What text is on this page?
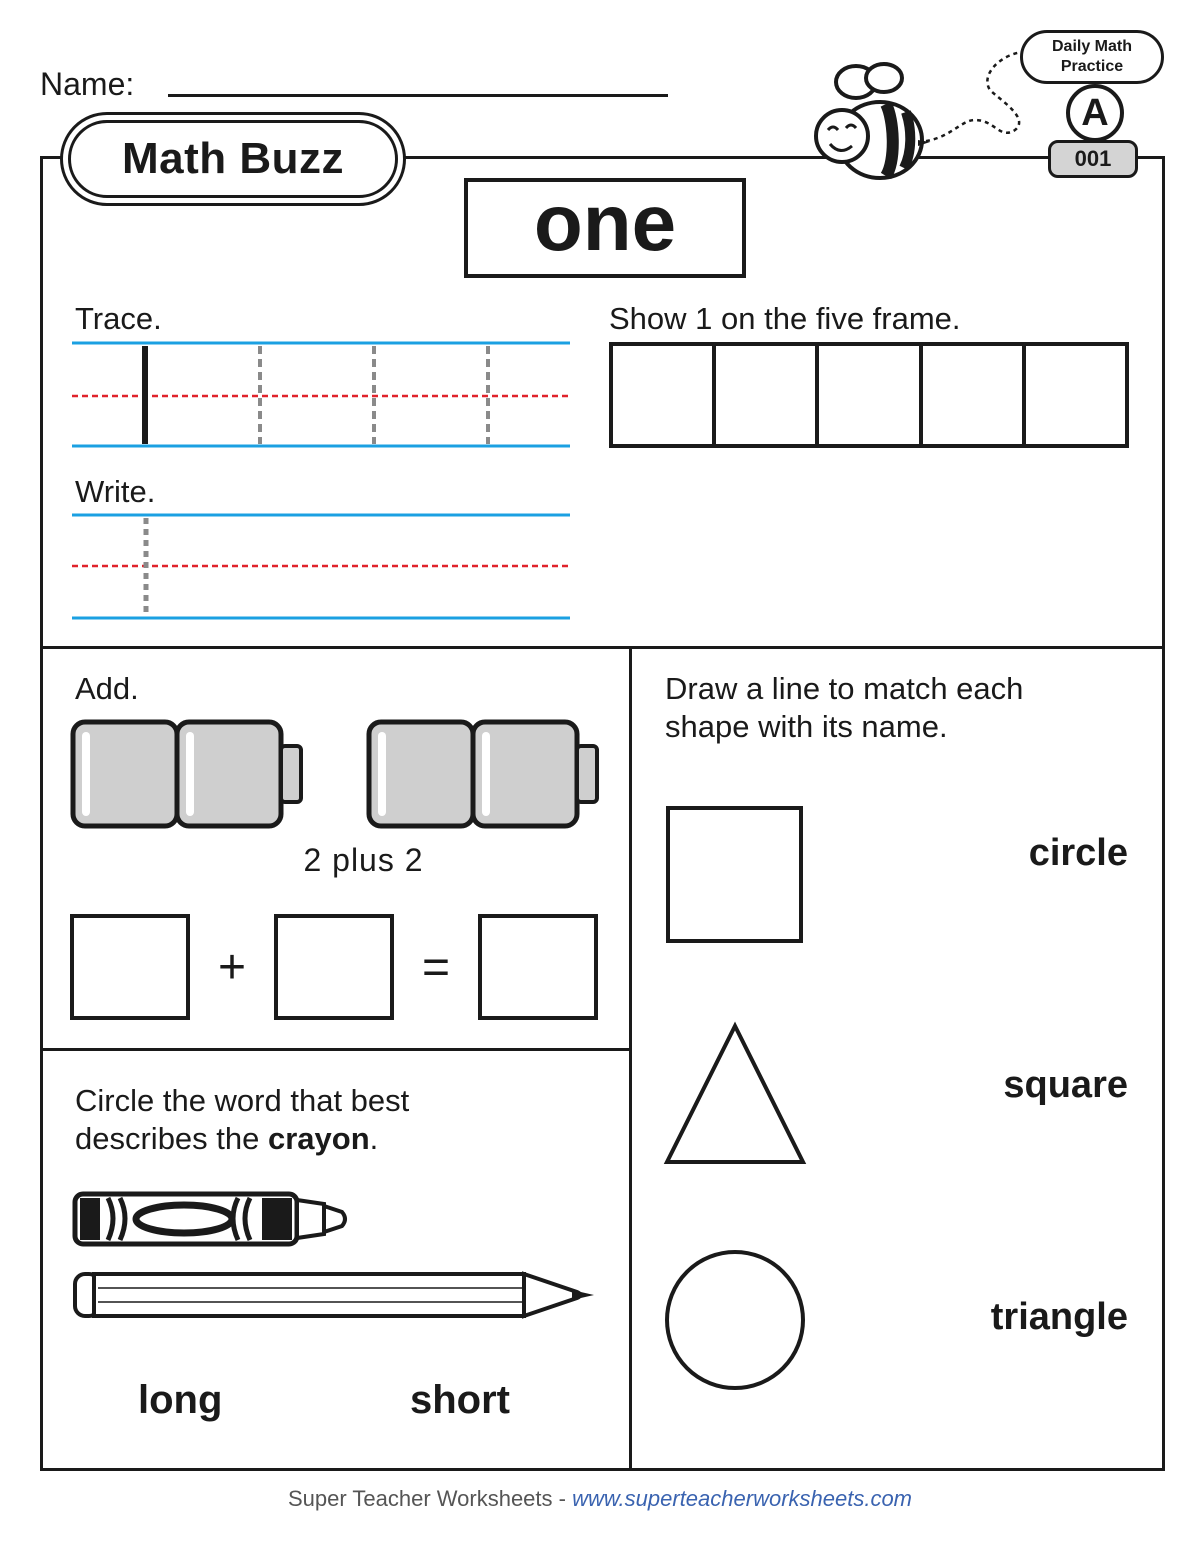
Name:
Math Buzz
Daily Math
Practice
A
001
one
Trace.
Write.
Show 1 on the five frame.
Add.
2 plus 2
+	=
Circle the word that best
describes the crayon.
long	short
Draw a line to match each
shape with its name.
circle
square
triangle
Super Teacher Worksheets - www.superteacherworksheets.com
